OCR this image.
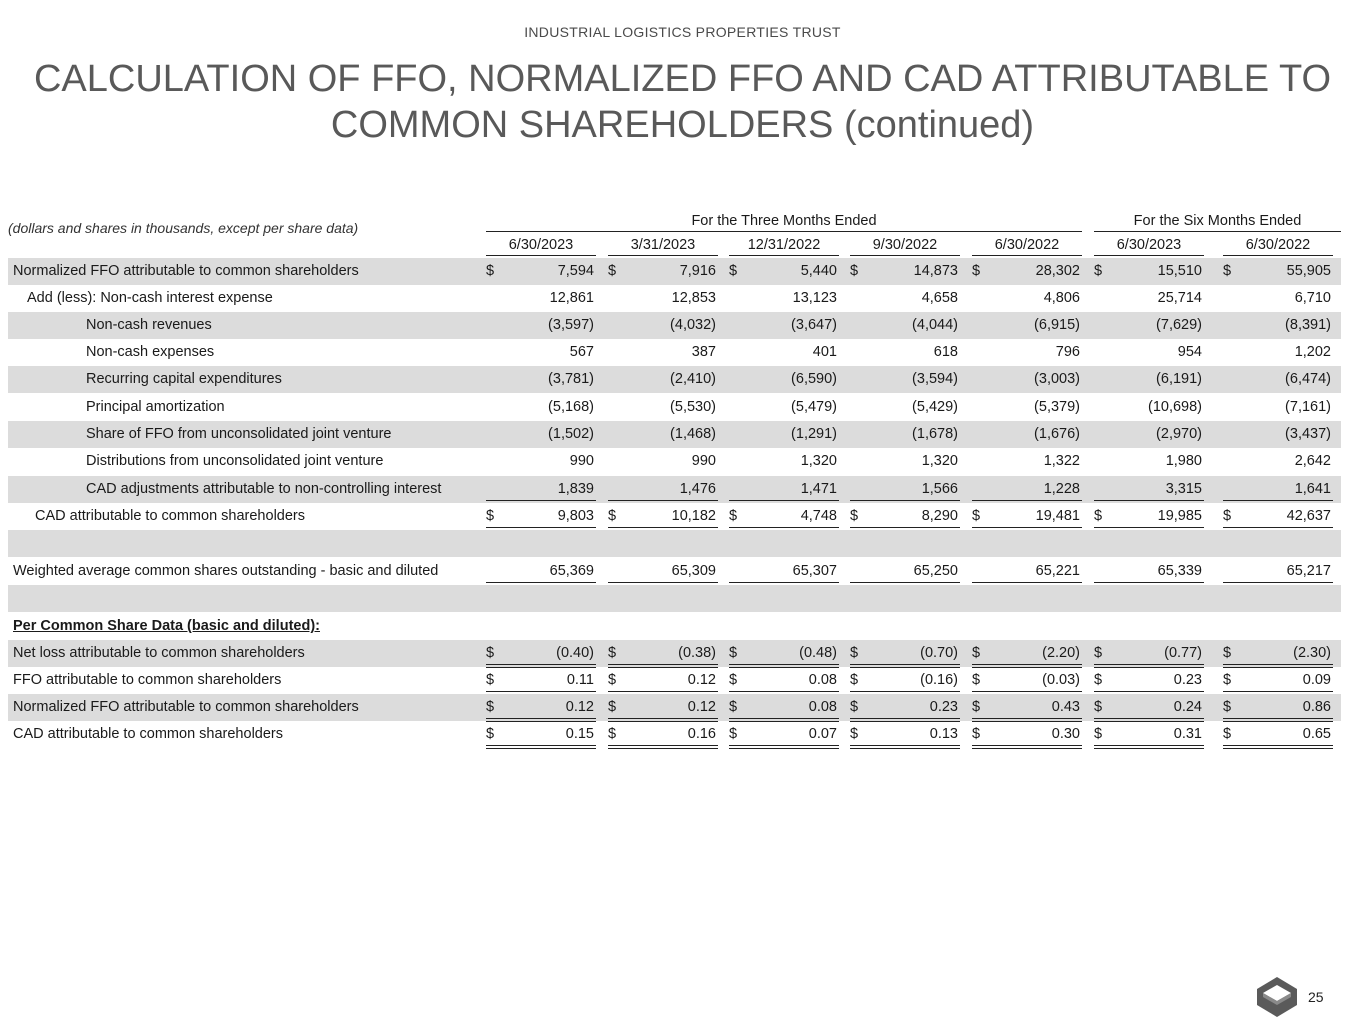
INDUSTRIAL LOGISTICS PROPERTIES TRUST
CALCULATION OF FFO, NORMALIZED FFO AND CAD ATTRIBUTABLE TO
COMMON SHAREHOLDERS (continued)
(dollars and shares in thousands, except per share data)	For the Three Months Ended	For the Six Months Ended
6/30/2023	3/31/2023	12/31/2022	9/30/2022	6/30/2022	6/30/2023	6/30/2022
Normalized FFO attributable to common shareholders	$	7,594 $	7,916 $	5,440 $	14,873 $	28,302 $	15,510 $	55,905
Add (less): Non-cash interest expense	12,861	12,853	13,123	4,658	4,806	25,714	6,710
Non-cash revenues	(3,597)	(4,032)	(3,647)	(4,044)	(6,915)	(7,629)	(8,391)
Non-cash expenses	567	387	401	618	796	954	1,202
Recurring capital expenditures	(3,781)	(2,410)	(6,590)	(3,594)	(3,003)	(6,191)	(6,474)
Principal amortization	(5,168)	(5,530)	(5,479)	(5,429)	(5,379)	(10,698)	(7,161)
Share of FFO from unconsolidated joint venture	(1,502)	(1,468)	(1,291)	(1,678)	(1,676)	(2,970)	(3,437)
Distributions from unconsolidated joint venture	990	990	1,320	1,320	1,322	1,980	2,642
CAD adjustments attributable to non-controlling interest	1,839	1,476	1,471	1,566	1,228	3,315	1,641
CAD attributable to common shareholders	$	9,803 $	10,182 $	4,748 $	8,290 $	19,481 $	19,985 $	42,637
Weighted average common shares outstanding - basic and diluted	65,369	65,309	65,307	65,250	65,221	65,339	65,217
Per Common Share Data (basic and diluted):
Net loss attributable to common shareholders	$	(0.40) $	(0.38) $	(0.48) $	(0.70) $	(2.20) $	(0.77) $	(2.30)
FFO attributable to common shareholders	$	0.11 $	0.12 $	0.08 $	(0.16) $	(0.03) $	0.23 $	0.09
Normalized FFO attributable to common shareholders	$	0.12 $	0.12 $	0.08 $	0.23 $	0.43 $	0.24 $	0.86
CAD attributable to common shareholders	$	0.15 $	0.16 $	0.07 $	0.13 $	0.30 $	0.31 $	0.65
25
